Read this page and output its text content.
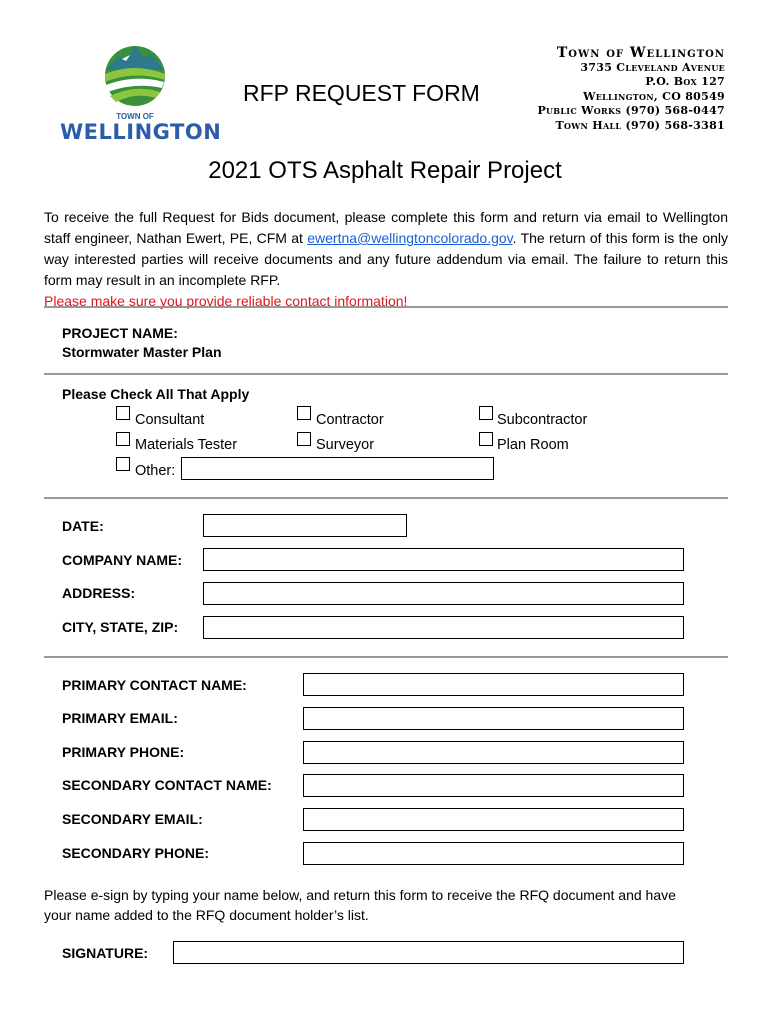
TOWN OF
WELLINGTON
RFP REQUEST FORM
Town of Wellington
3735 Cleveland Avenue
P.O. Box 127
Wellington, CO 80549
Public Works (970) 568-0447
Town Hall (970) 568-3381
2021 OTS Asphalt Repair Project
To receive the full Request for Bids document, please complete this form and return via email to Wellington staff engineer, Nathan Ewert, PE, CFM at ewertna@wellingtoncolorado.gov. The return of this form is the only way interested parties will receive documents and any future addendum via email. The failure to return this form may result in an incomplete RFP.
Please make sure you provide reliable contact information!
PROJECT NAME:
Stormwater Master Plan
Please Check All That Apply
Consultant	Contractor	Subcontractor
Materials Tester	Surveyor	Plan Room
Other:
DATE:
COMPANY NAME:
ADDRESS:
CITY, STATE, ZIP:
PRIMARY CONTACT NAME:
PRIMARY EMAIL:
PRIMARY PHONE:
SECONDARY CONTACT NAME:
SECONDARY EMAIL:
SECONDARY PHONE:
Please e-sign by typing your name below, and return this form to receive the RFQ document and have your name added to the RFQ document holder’s list.
SIGNATURE:
